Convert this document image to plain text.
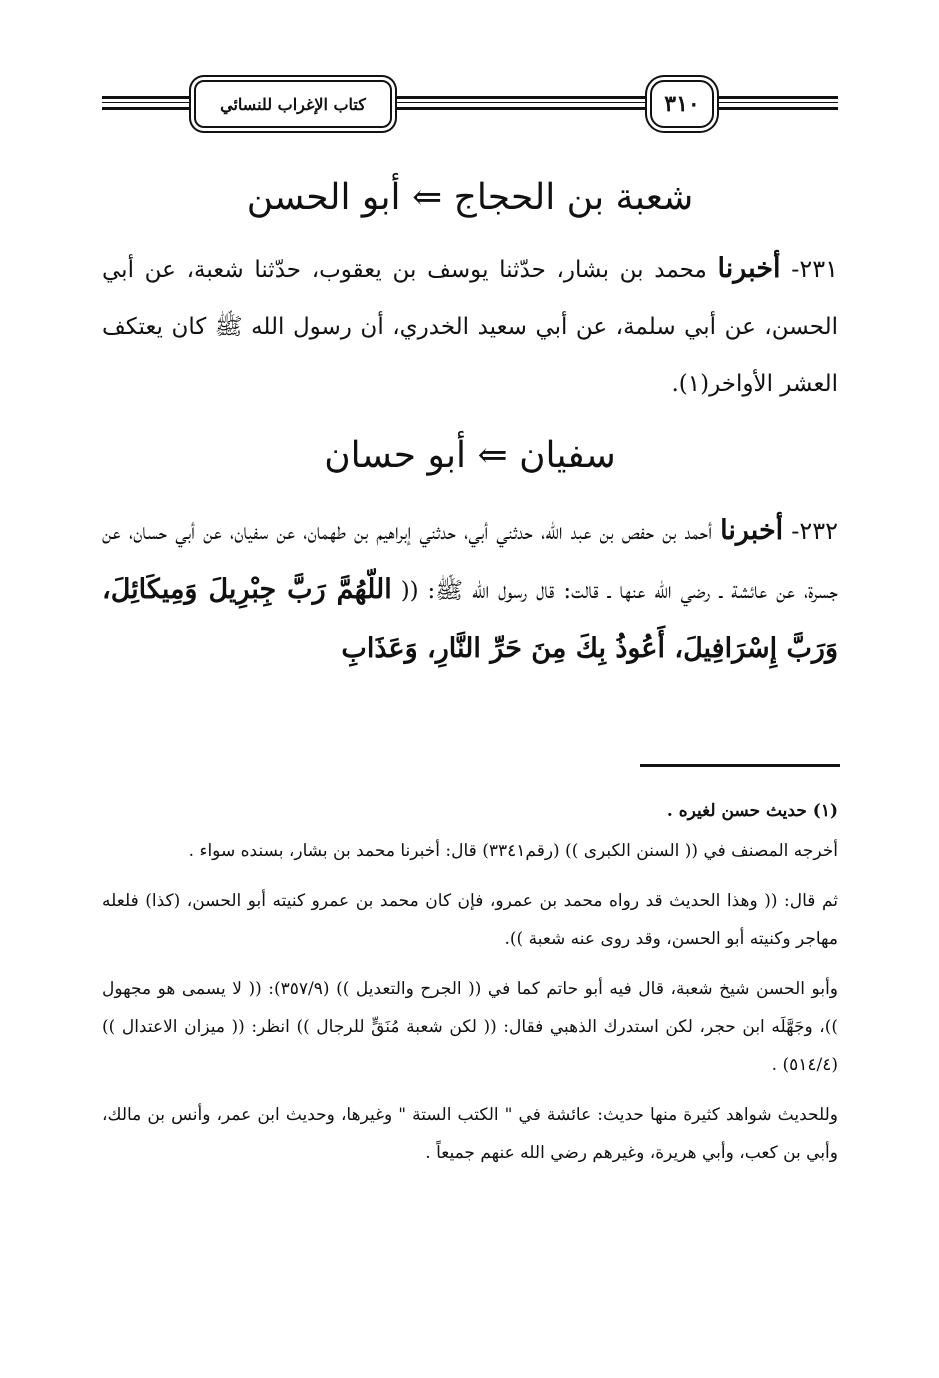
كتاب الإغراب للنسائي	٣١٠
شعبة بن الحجاج ⇐ أبو الحسن
٢٣١- أخبرنا محمد بن بشار، حدّثنا يوسف بن يعقوب، حدّثنا شعبة، عن أبي الحسن، عن أبي سلمة، عن أبي سعيد الخدري، أن رسول الله ﷺ كان يعتكف العشر الأواخر(١).
سفيان ⇐ أبو حسان
٢٣٢- أخبرنا أحمد بن حفص بن عبد الله، حدثني أبي، حدثني إبراهيم بن طهمان، عن سفيان، عن أبي حسان، عن جسرة، عن عائشة ـ رضي الله عنها ـ قالت: قال رسول الله ﷺ: (( اللّهُمَّ رَبَّ جِبْرِيلَ وَمِيكَائِلَ، وَرَبَّ إِسْرَافِيلَ، أَعُوذُ بِكَ مِنَ حَرِّ النَّارِ، وَعَذَابِ

(١) حديث حسن لغيره .

أخرجه المصنف في (( السنن الكبرى )) (رقم٣٣٤١) قال: أخبرنا محمد بن بشار، بسنده سواء .

ثم قال: (( وهذا الحديث قد رواه محمد بن عمرو، فإن كان محمد بن عمرو كنيته أبو الحسن، (كذا) فلعله مهاجر وكنيته أبو الحسن، وقد روى عنه شعبة )).

وأبو الحسن شيخ شعبة، قال فيه أبو حاتم كما في (( الجرح والتعديل )) (٣٥٧/٩): (( لا يسمى هو مجهول ))، وجَهَّلَه ابن حجر، لكن استدرك الذهبي فقال: (( لكن شعبة مُنَقٍّ للرجال )) انظر: (( ميزان الاعتدال )) (٥١٤/٤) .

وللحديث شواهد كثيرة منها حديث: عائشة في " الكتب الستة " وغيرها، وحديث ابن عمر، وأنس بن مالك، وأبي بن كعب، وأبي هريرة، وغيرهم رضي الله عنهم جميعاً .
